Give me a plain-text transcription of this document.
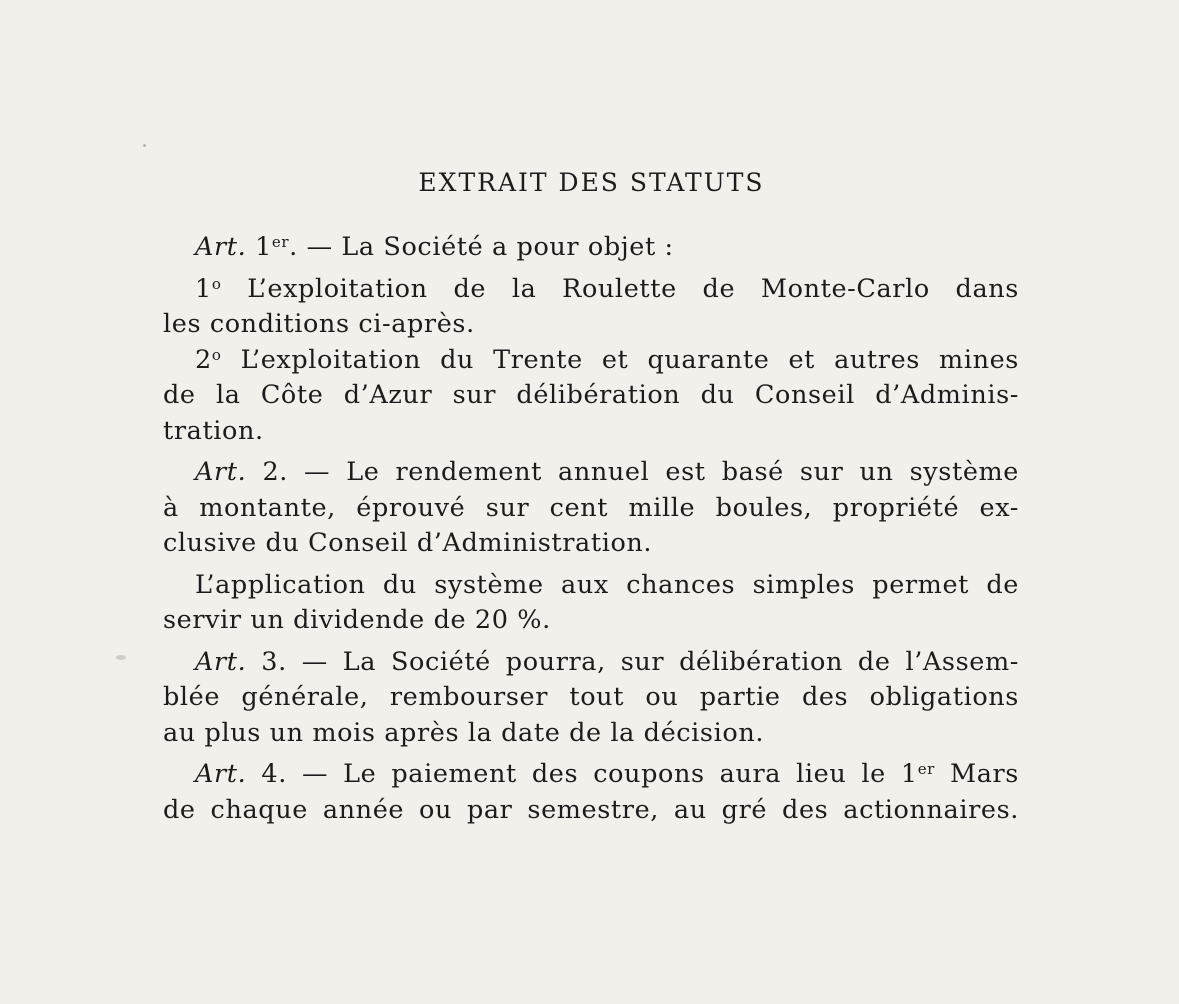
EXTRAIT DES STATUTS
Art. 1er. — La Société a pour objet :
1$^o$ L’exploitation de la Roulette de Monte-Carlo dans
les conditions ci-après.
2$^o$ L’exploitation du Trente et quarante et autres mines
de la Côte d’Azur sur délibération du Conseil d’Adminis-
tration.
Art. 2. — Le rendement annuel est basé sur un système
à montante, éprouvé sur cent mille boules, propriété ex-
clusive du Conseil d’Administration.
L’application du système aux chances simples permet de
servir un dividende de 20 %.
Art. 3. — La Société pourra, sur délibération de l’Assem-
blée générale, rembourser tout ou partie des obligations
au plus un mois après la date de la décision.
Art. 4. — Le paiement des coupons aura lieu le 1er Mars
de chaque année ou par semestre, au gré des actionnaires.
